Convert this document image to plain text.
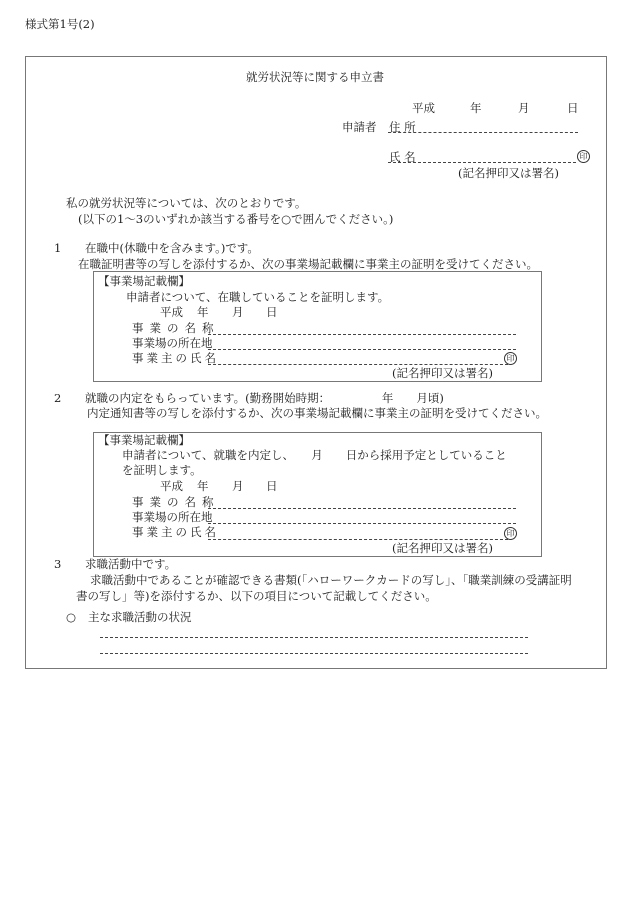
様式第1号(2)
就労状況等に関する申立書
平成	年	月	日
申請者 住 所
氏 名	印
(記名押印又は署名)
私の就労状況等については、次のとおりです。
(以下の1～3のいずれか該当する番号を○で囲んでください。)
1 在職中(休職中を含みます。)です。
在職証明書等の写しを添付するか、次の事業場記載欄に事業主の証明を受けてください。
【事業場記載欄】
申請者について、在職していることを証明します。
平成 年 月 日
事業の名称
事業場の所在地
事業主の氏名	印
(記名押印又は署名)
2 就職の内定をもらっています。(勤務開始時期：　　　　　年　　月頃)
内定通知書等の写しを添付するか、次の事業場記載欄に事業主の証明を受けてください。
【事業場記載欄】
申請者について、就職を内定し、　　月　　日から採用予定としていること
を証明します。
平成 年 月 日
事業の名称
事業場の所在地
事業主の氏名	印
(記名押印又は署名)
3 求職活動中です。
求職活動中であることが確認できる書類(「ハローワークカードの写し」、「職業訓練の受講証明
書の写し」等)を添付するか、以下の項目について記載してください。
○ 主な求職活動の状況
